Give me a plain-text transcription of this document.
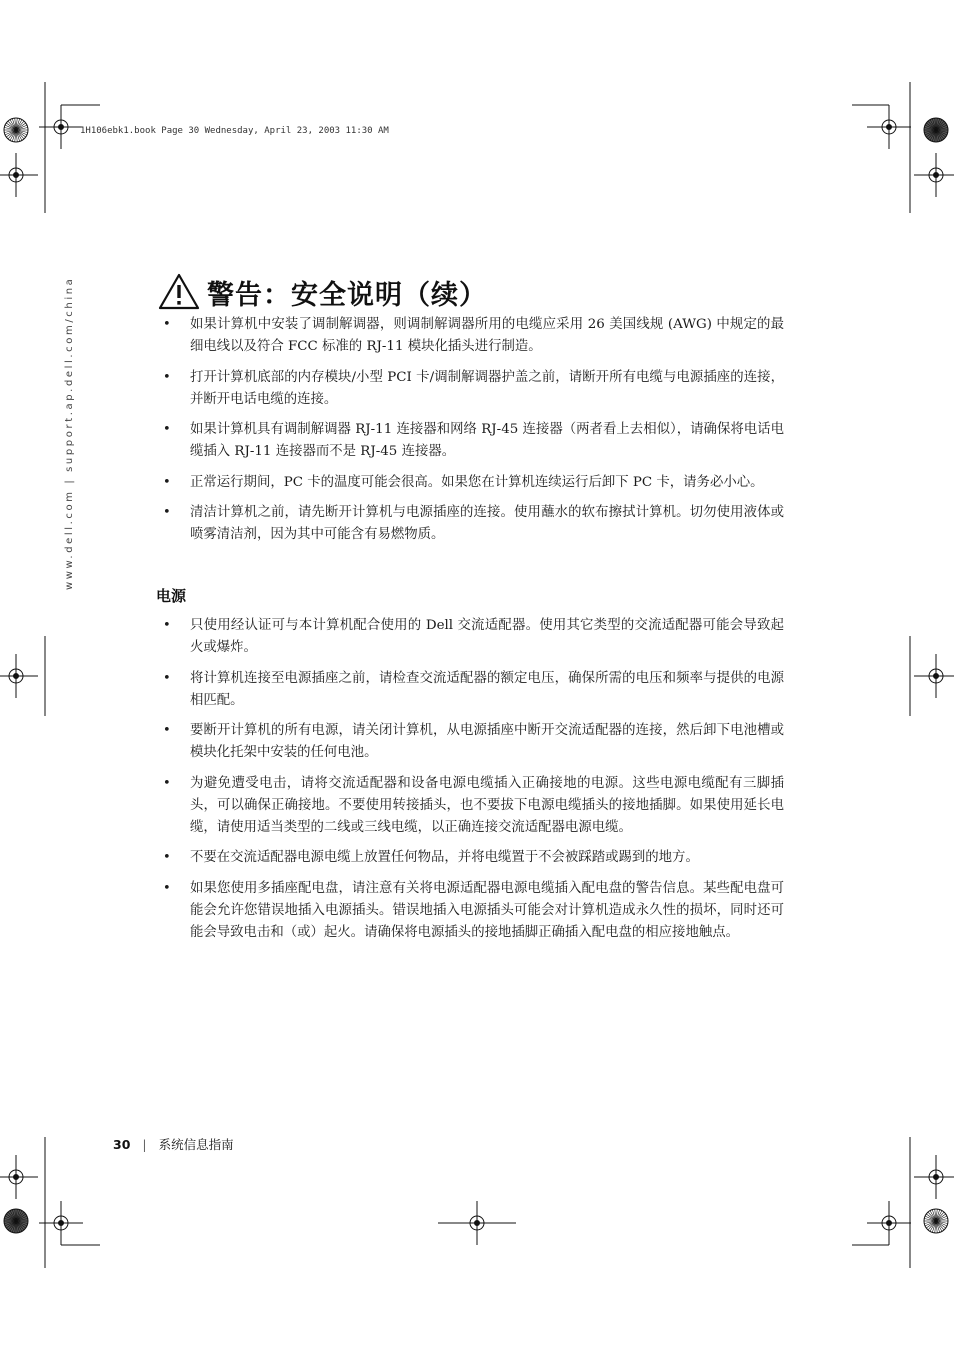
1H106ebk1.book Page 30 Wednesday, April 23, 2003 11:30 AM
www.dell.com | support.ap.dell.com/china	警告：安全说明（续）
• 如果计算机中安装了调制解调器，则调制解调器所用的电缆应采用 26 美国线规 (AWG) 中规定的最细电线以及符合 FCC 标准的 RJ-11 模块化插头进行制造。
• 打开计算机底部的内存模块/小型 PCI 卡/调制解调器护盖之前，请断开所有电缆与电源插座的连接，并断开电话电缆的连接。
• 如果计算机具有调制解调器 RJ-11 连接器和网络 RJ-45 连接器（两者看上去相似），请确保将电话电缆插入 RJ-11 连接器而不是 RJ-45 连接器。
• 正常运行期间，PC 卡的温度可能会很高。如果您在计算机连续运行后卸下 PC 卡，请务必小心。
• 清洁计算机之前，请先断开计算机与电源插座的连接。使用蘸水的软布擦拭计算机。切勿使用液体或喷雾清洁剂，因为其中可能含有易燃物质。
电源
• 只使用经认证可与本计算机配合使用的 Dell 交流适配器。使用其它类型的交流适配器可能会导致起火或爆炸。
• 将计算机连接至电源插座之前，请检查交流适配器的额定电压，确保所需的电压和频率与提供的电源相匹配。
• 要断开计算机的所有电源，请关闭计算机，从电源插座中断开交流适配器的连接，然后卸下电池槽或模块化托架中安装的任何电池。
• 为避免遭受电击，请将交流适配器和设备电源电缆插入正确接地的电源。这些电源电缆配有三脚插头，可以确保正确接地。不要使用转接插头，也不要拔下电源电缆插头的接地插脚。如果使用延长电缆，请使用适当类型的二线或三线电缆，以正确连接交流适配器电源电缆。
• 不要在交流适配器电源电缆上放置任何物品，并将电缆置于不会被踩踏或踢到的地方。
• 如果您使用多插座配电盘，请注意有关将电源适配器电源电缆插入配电盘的警告信息。某些配电盘可能会允许您错误地插入电源插头。错误地插入电源插头可能会对计算机造成永久性的损坏，同时还可能会导致电击和（或）起火。请确保将电源插头的接地插脚正确插入配电盘的相应接地触点。
30 | 系统信息指南
